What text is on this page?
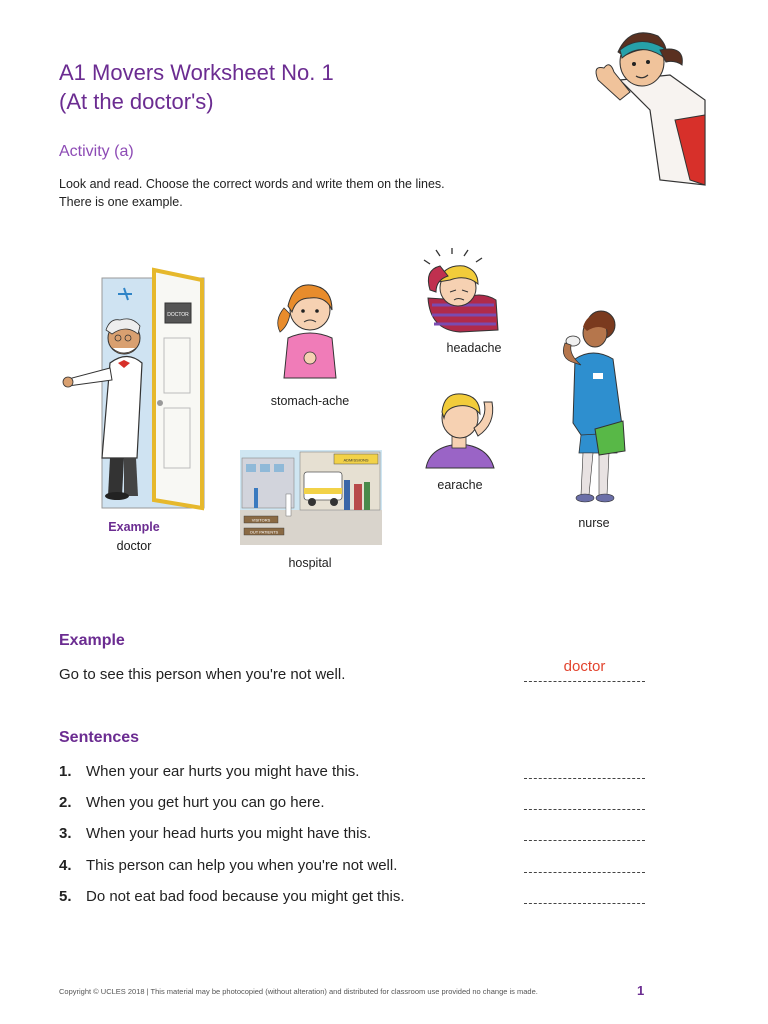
A1 Movers Worksheet No. 1
(At the doctor's)
Activity (a)
Look and read. Choose the correct words and write them on the lines.
There is one example.
DOCTOR
Example
doctor
stomach-ache
headache
earache
nurse
ADMISSIONS
VISITORS
OUT PATIENTS
hospital
Example
Go to see this person when you're not well.	doctor
Sentences
1. When your ear hurts you might have this.
2. When you get hurt you can go here.
3. When your head hurts you might have this.
4. This person can help you when you're not well.
5. Do not eat bad food because you might get this.
Copyright © UCLES 2018 | This material may be photocopied (without alteration) and distributed for classroom use provided no change is made.	1
